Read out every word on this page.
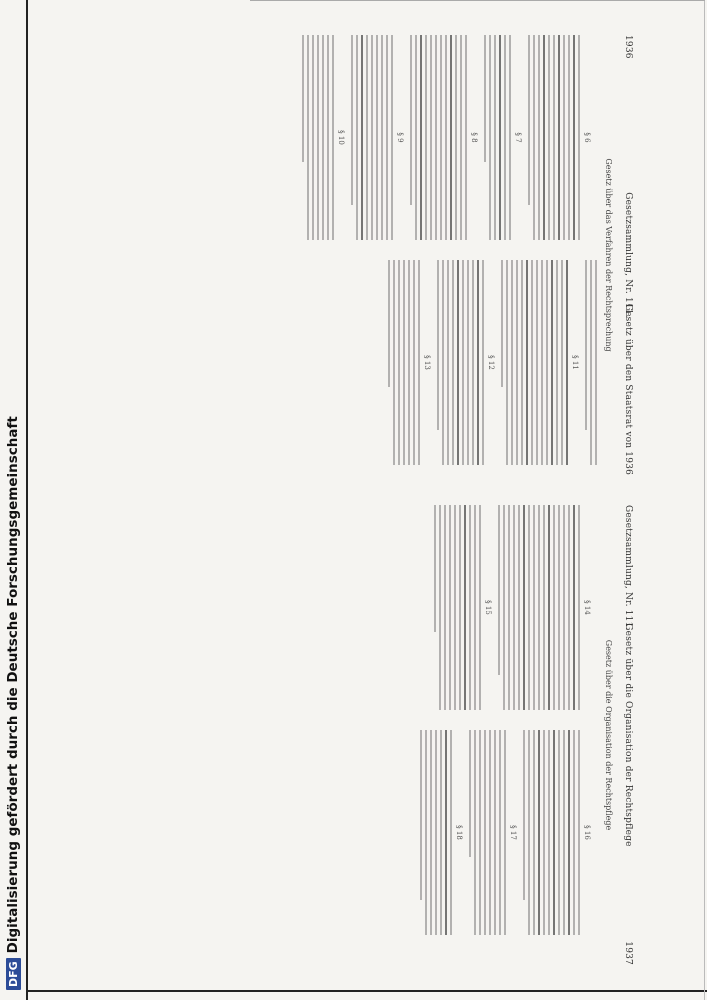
1936
Gesetzsammlung, Nr. 111.
Gesetz über den Staatsrat von 1936
Gesetz über das Verfahren der Rechtsprechung
§ 6
§ 7
§ 8
§ 9
§ 10
§ 11
§ 12
§ 13
Gesetzsammlung, Nr. 111.
Gesetz über die Organisation der Rechtspflege
1937
Gesetz über die Organisation der Rechtspflege
§ 14
§ 15
§ 16
§ 17
§ 18
DFG
Digitalisierung gefördert durch die Deutsche Forschungsgemeinschaft
